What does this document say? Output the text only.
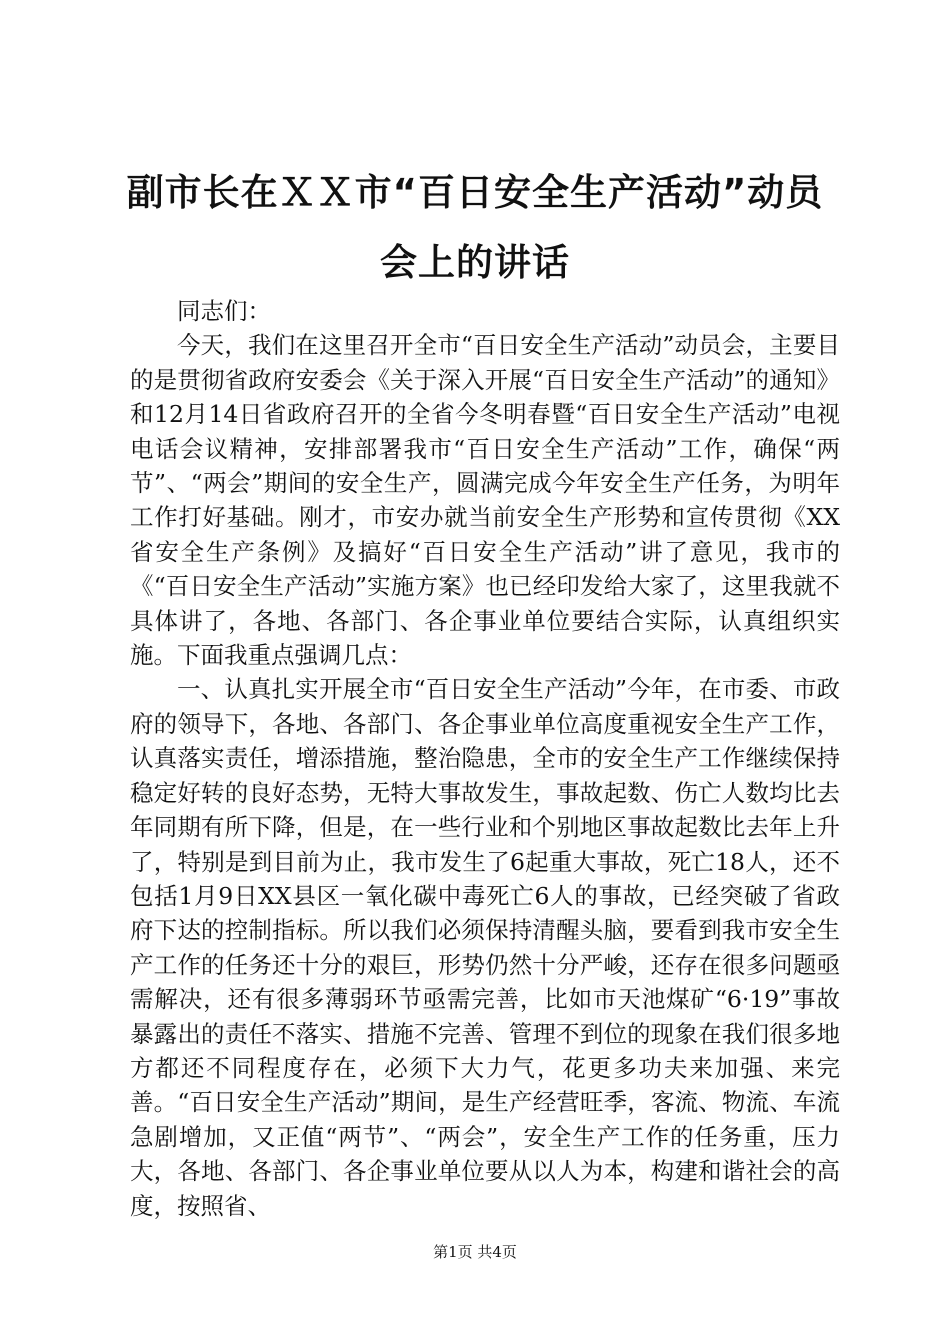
副市长在ＸＸ市“百日安全生产活动”动员会上的讲话

同志们：

今天，我们在这里召开全市“百日安全生产活动”动员会，主要目的是贯彻省政府安委会《关于深入开展“百日安全生产活动”的通知》和12月14日省政府召开的全省今冬明春暨“百日安全生产活动”电视电话会议精神，安排部署我市“百日安全生产活动”工作，确保“两节”、“两会”期间的安全生产，圆满完成今年安全生产任务，为明年工作打好基础。刚才，市安办就当前安全生产形势和宣传贯彻《XX省安全生产条例》及搞好“百日安全生产活动”讲了意见，我市的《“百日安全生产活动”实施方案》也已经印发给大家了，这里我就不具体讲了，各地、各部门、各企事业单位要结合实际，认真组织实施。下面我重点强调几点：

一、认真扎实开展全市“百日安全生产活动”今年，在市委、市政府的领导下，各地、各部门、各企事业单位高度重视安全生产工作，认真落实责任，增添措施，整治隐患，全市的安全生产工作继续保持稳定好转的良好态势，无特大事故发生，事故起数、伤亡人数均比去年同期有所下降，但是，在一些行业和个别地区事故起数比去年上升了，特别是到目前为止，我市发生了6起重大事故，死亡18人，还不包括1月9日XX县区一氧化碳中毒死亡6人的事故，已经突破了省政府下达的控制指标。所以我们必须保持清醒头脑，要看到我市安全生产工作的任务还十分的艰巨，形势仍然十分严峻，还存在很多问题亟需解决，还有很多薄弱环节亟需完善，比如市天池煤矿“6·19”事故暴露出的责任不落实、措施不完善、管理不到位的现象在我们很多地方都还不同程度存在，必须下大力气，花更多功夫来加强、来完善。“百日安全生产活动”期间，是生产经营旺季，客流、物流、车流急剧增加，又正值“两节”、“两会”，安全生产工作的任务重，压力大，各地、各部门、各企事业单位要从以人为本，构建和谐社会的高度，按照省、

第1页 共4页
